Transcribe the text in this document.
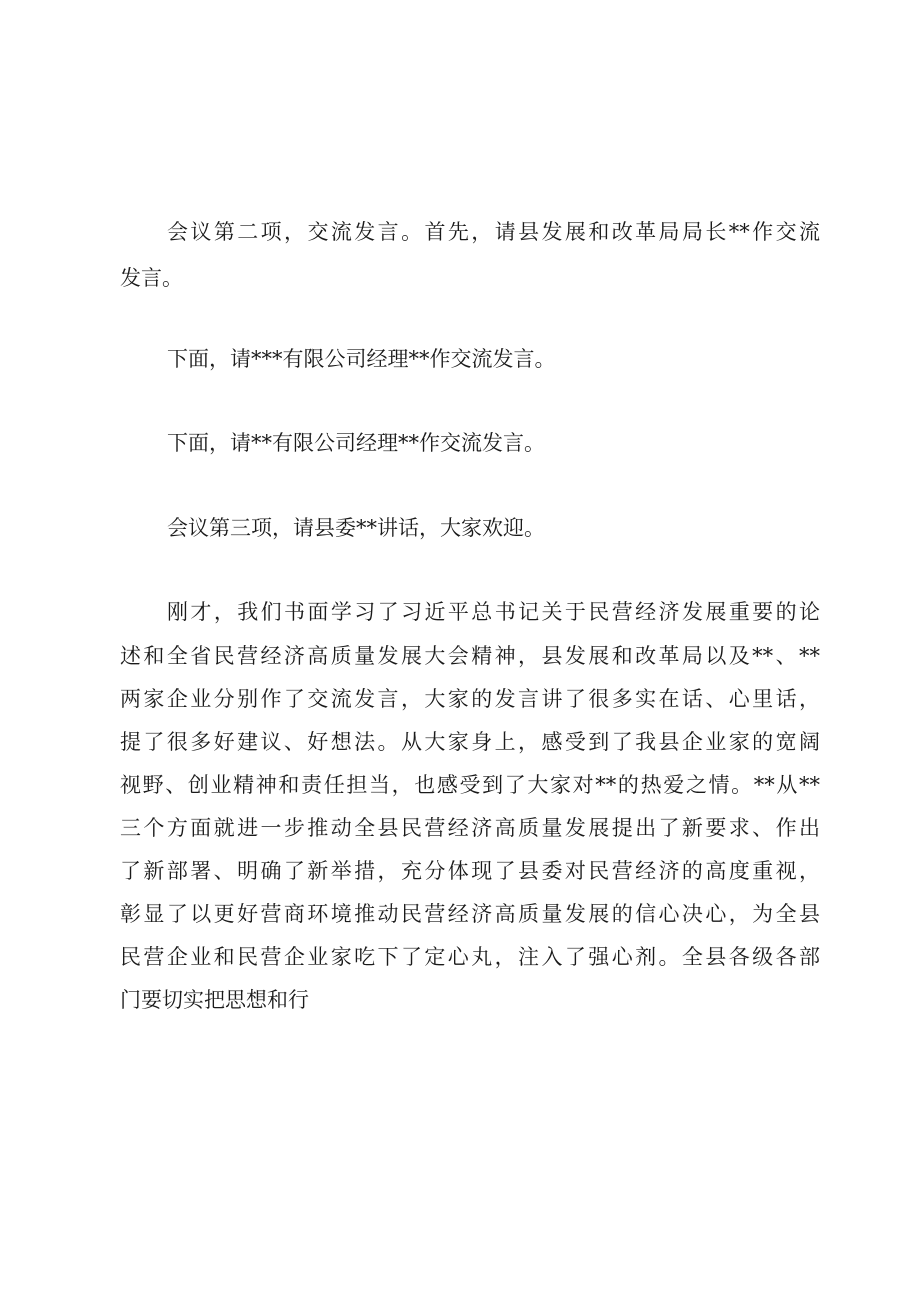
会议第二项，交流发言。首先，请县发展和改革局局长**作交流
发言。
下面，请***有限公司经理**作交流发言。
下面，请**有限公司经理**作交流发言。
会议第三项，请县委**讲话，大家欢迎。
刚才，我们书面学习了习近平总书记关于民营经济发展重要的论
述和全省民营经济高质量发展大会精神，县发展和改革局以及**、**
两家企业分别作了交流发言，大家的发言讲了很多实在话、心里话，
提了很多好建议、好想法。从大家身上，感受到了我县企业家的宽阔
视野、创业精神和责任担当，也感受到了大家对**的热爱之情。**从**
三个方面就进一步推动全县民营经济高质量发展提出了新要求、作出
了新部署、明确了新举措，充分体现了县委对民营经济的高度重视，
彰显了以更好营商环境推动民营经济高质量发展的信心决心，为全县
民营企业和民营企业家吃下了定心丸，注入了强心剂。全县各级各部
门要切实把思想和行
